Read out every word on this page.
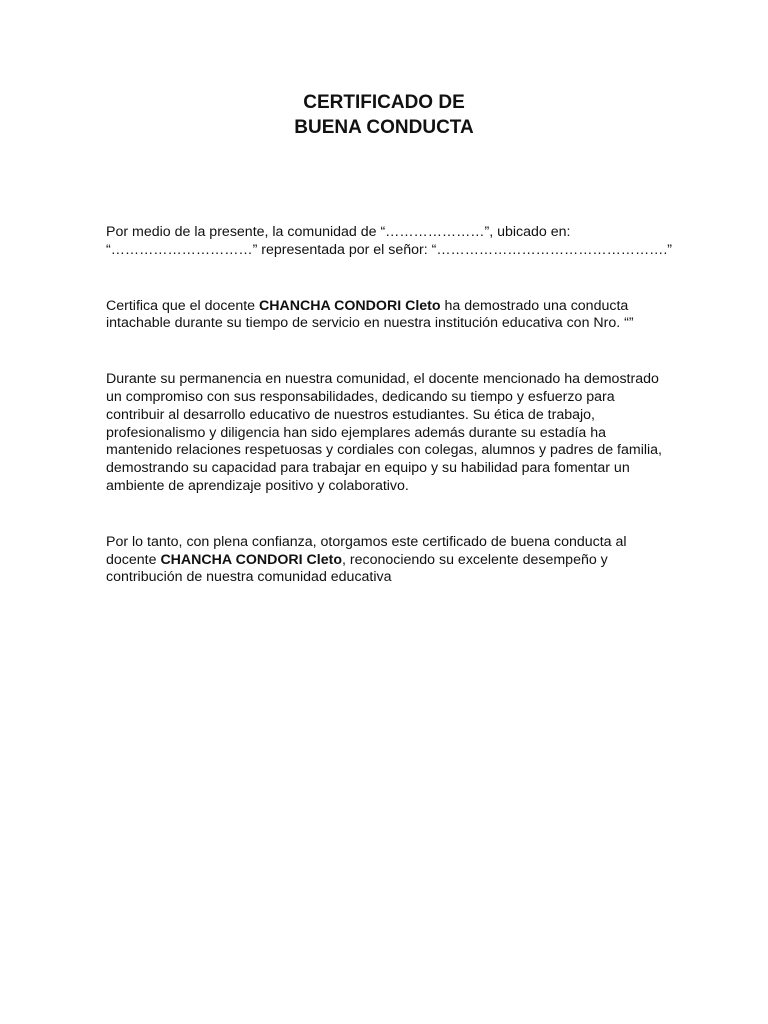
CERTIFICADO DE
BUENA CONDUCTA

Por medio de la presente, la comunidad de “…………………”, ubicado en:
“…………………………” representada por el señor: “………………………………………….”

Certifica que el docente CHANCHA CONDORI Cleto ha demostrado una conducta
intachable durante su tiempo de servicio en nuestra institución educativa con Nro. “”

Durante su permanencia en nuestra comunidad, el docente mencionado ha demostrado
un compromiso con sus responsabilidades, dedicando su tiempo y esfuerzo para
contribuir al desarrollo educativo de nuestros estudiantes. Su ética de trabajo,
profesionalismo y diligencia han sido ejemplares además durante su estadía ha
mantenido relaciones respetuosas y cordiales con colegas, alumnos y padres de familia,
demostrando su capacidad para trabajar en equipo y su habilidad para fomentar un
ambiente de aprendizaje positivo y colaborativo.

Por lo tanto, con plena confianza, otorgamos este certificado de buena conducta al
docente CHANCHA CONDORI Cleto, reconociendo su excelente desempeño y
contribución de nuestra comunidad educativa
